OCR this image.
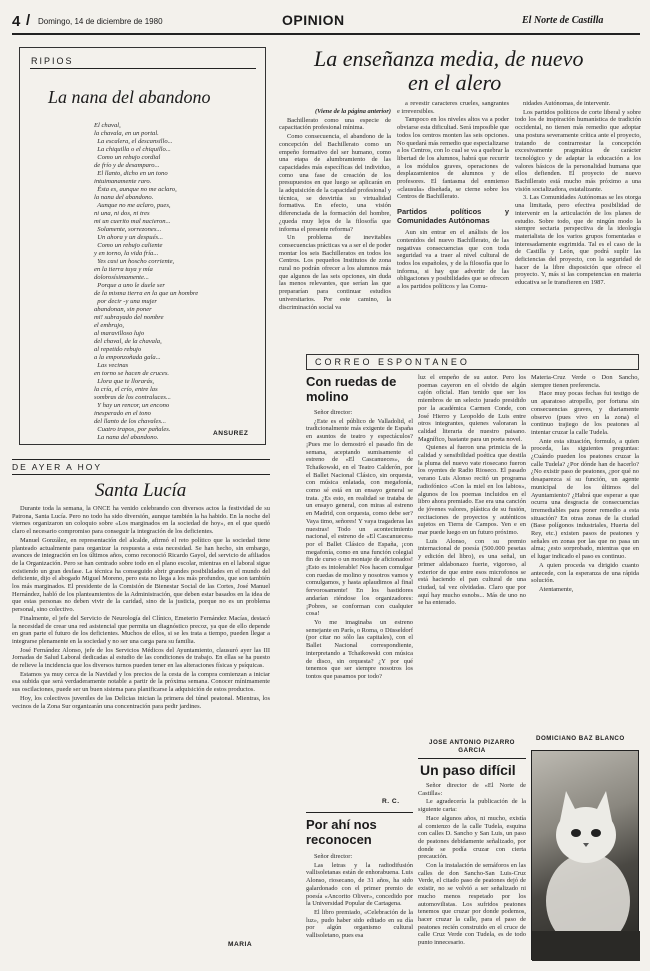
4 / Domingo, 14 de diciembre de 1980	OPINION	El Norte de Castilla
RIPIOS
La nana del abandono
El chaval,
la chavala, en un portal.
La escalera, el descansillo...
La chiquilla o el chiquillo...
Como un rebujo cordial
de frío y de desamparo...
El llanto, dicho en un tono
intuimanamente raro.
Ésta es, aunque no me aclaro,
la nana del abandono.
Aunque no me aclaro, pues,
ni una, ni dos, ni tres
mi un cuerito mal nacieron...
Solamente, sorrezones...
Un ahora y un después...
Como un rebujo caliente
y en torno, la vida fría...
Yes casi un hoscho corriente,
en la tierra tuya y mía
dolorosísimamente...
Porque a uno le duele ser
de la misma tierra en la que un hombre
por decir -y una mujer
abandonan, sin poner
mi! subrayado del nombre
el embrujo,
al maravilloso lujo
del chaval, de la chavala,
al repetido rebujo
a la emponzoñada gala...
Las vecinas
en torno se hacen de cruces.
Llora que te llorarás,
la cría, el crío, entre las
sombras de los contraluces...
Y hay un rencor, un encono
inesperado en el tono
del llanto de los chavales...
Cuatro trapos, por pañales.
La nana del abandono.
ANSUREZ
DE AYER A HOY
Santa Lucía

Durante toda la semana, la ONCE ha venido celebrando con diversos actos la festividad de su Patrona, Santa Lucía. Pero no todo ha sido diversión, aunque también la ha habido. En la noche del viernes organizaron un coloquio sobre «Los marginados en la sociedad de hoy», en el que quedó claro el necesario compromiso para conseguir la integración de los deficientes.

Manuel González, en representación del alcalde, afirmó el reto político que la sociedad tiene planteado actualmente para organizar la respuesta a esta necesidad. Se han hecho, sin embargo, avances de integración en los últimos años, como reconoció Ricardo Gayol, del servicio de afiliados de la Organización. Pero se han centrado sobre todo en el plano escolar, mientras en el laboral sigue existiendo un gran desfase. La técnica ha conseguido abrir grandes posibilidades en el mundo del deficiente, dijo el abogado Miguel Moreno, pero esta no llega a los más profundos, que son también los más marginados. El presidente de la Comisión de Bienestar Social de las Cortes, José Manuel Hernández, habló de los planteamientos de la Administración, que deben estar basados en la idea de que estas personas no deben vivir de la caridad, sino de la justicia, porque no es un problema personal, sino colectivo.

Finalmente, el jefe del Servicio de Neurología del Clínico, Emeterio Fernández Macías, destacó la necesidad de crear una red asistencial que permita un diagnóstico precoz, ya que de ello depende en gran parte el futuro de los deficientes. Muchos de ellos, si se les trata a tiempo, pueden llegar a integrarse plenamente en la sociedad y no ser una carga para su familia.

José Fernández Alonso, jefe de los Servicios Médicos del Ayuntamiento, clausuró ayer las III Jornadas de Salud Laboral dedicadas al estudio de las condiciones de trabajo. En ellas se ha puesto de relieve la incidencia que los diversos turnos pueden tener en las alteraciones físicas y psíquicas.

Estamos ya muy cerca de la Navidad y los precios de la cesta de la compra comienzan a iniciar esa subida que será verdaderamente notable a partir de la próxima semana. Conocer mínimamente sus oscilaciones, puede ser un buen sistema para planificarse la adquisición de estos productos.

Hoy, los colectivos juveniles de las Delicias inician la primera del túnel peatonal. Mientras, los vecinos de la Zona Sur organizarán una concentración para pedir jardines.

MARIA
La enseñanza media, de nuevo
en el alero

(Viene de la página anterior)

Bachillerato como una especie de capacitación profesional mínima.

Como consecuencia, el abandono de la concepción del Bachillerato como un empeño formativo del ser humano, como una etapa de alumbramiento de las capacidades más específicas del individuo, como una fase de creación de los presupuestos en que luego se aplicarán en la adquisición de la capacidad profesional y técnica, se desvirtúa su virtualidad formativa. En efecto, una visión diferenciada de la formación del hombre, ¿queda muy lejos de la filosofía que informa el presente reforma?

Un problema de inevitables consecuencias prácticas va a ser el de poder montar los seis Bachilleratos en todos los Centros. Los pequeños Institutos de zona rural no podrán ofrecer a los alumnos más que algunos de las seis opciones, sin duda las menos relevantes, que serían las que prepararían para continuar estudios universitarios. Por este camino, la discriminación social va

a revestir caracteres crueles, sangrantes e irreversibles.

Tampoco en los niveles altos va a poder obviarse esta dificultad. Será imposible que todos los centros monten las seis opciones. No quedará más remedio que especializarse a los Centros, con lo cual se va a quebrar la libertad de los alumnos, habrá que recurrir a los módulos graves, operaciones de desplazamientos de alumnos y de profesores. El fantasma del enmienso «clausula» diseñada, se cierne sobre los Centros de Bachillerato.

Partidos políticos y Comunidades Autónomas

Aun sin entrar en el análisis de los contenidos del nuevo Bachillerato, de las negativas consecuencias que con toda seguridad va a traer al nivel cultural de todos los españoles, y de la filosofía que lo informa, si hay que advertir de las obligaciones y posibilidades que se ofrecen a los partidos políticos y las Comu-

nidades Autónomas, de intervenir.

Los partidos políticos de corte liberal y sobre todo los de inspiración humanística de tradición occidental, no tienen más remedio que adoptar una postura severamente crítica ante el proyecto, tratando de contrarrestar la concepción excesivamente pragmática de carácter tecnológico y de adaptar la educación a los valores básicos de la personalidad humana que ellos defienden. El proyecto de nuevo Bachillerato está mucho más próximo a una visión socializadora, estatalizante.

3. Las Comunidades Autónomas se les otorga una limitada, pero efectiva posibilidad de intervenir en la articulación de los planes de estudio. Sobre todo, que de ningún modo la siempre sectaria perspectiva de la ideología materialista de los varios grupos fomentadas e interesadamente esgrimida. Tal es el caso de la de Castilla y León, que podrá suplir las deficiencias del proyecto, con la seguridad de hacer de la libre disposición que ofrece el proyecto. Y, más si las competencias en materia educativa se le transfieren en 1987.

CORREO ESPONTANEO
Con ruedas de molino

Señor director:

¿Este es el público de Valladolid, el tradicionalmente más exigente de España en asuntos de teatro y espectáculos? ¡Pues me lo demostró el pasado fin de semana, aceptando sumisamente el estreno de «El Cascanueces», de Tchaikowski, en el Teatro Calderón, por el Ballet Nacional Clásico, sin orquesta, con música enlatada, con megafonía, como sé está en un ensayo general se trata. ¿Es esto, en realidad se trataba de un ensayo general, con miras al estreno en Madrid, con orquesta, como debe ser? Vaya timo, señores! Y vaya tragaderas las nuestras! Todo un acontecimiento nacional, el estreno de «El Cascanueces» por el Ballet Clásico de España, ¡con megafonía, como en una función colegial fin de curso o un montaje de aficionados! ¡Esto es intolerable! Nos hacen comulgar con ruedas de molino y nosotros vamos y comulgamos, y hasta aplaudimos al final fervorosamente! En los bastidores andarían riéndose los organizadores: ¡Pobres, se conforman con cualquier cosa!

Yo me imaginaba un estreno semejante en París, o Roma, o Düsseldorf (por citar no sólo las capitales), con el Ballet Nacional correspondiente, interpretando a Tchaikowski con música de disco, sin orquesta? ¿Y por qué tenemos que ser siempre nosotros los tontos que pasamos por todo?

R. C.
Por ahí nos reconocen

Señor director:

Las letras y la radiodifusión vallisoletanas están de enhorabuena. Luis Alonso, riosecano, de 31 años, ha sido galardonado con el primer premio de poesía «Ancorito Oliver», concedido por la Universidad Popular de Cartagena.

El libro premiado, «Celebración de la luz», pudo haber sido editado en su día por algún organismo cultural vallisoletano, pues esa

luz el empeño de su autor. Pero los poemas cayeron en el olvido de algún cajón oficial. Han tenido que ser los miembros de un selecto jurado presidido por la académica Carmen Conde, con José Hierro y Leopoldo de Luis entre otros integrantes, quienes valoraran la calidad literaria de nuestro paisano. Magnífico, bastante para un poeta novel.

Quienes al fueron una primicia de la calidad y sensibilidad poética que destila la pluma del nuevo vate riosecano fueron los oyentes de Radio Rioseco. El pasado verano Luis Alonso recitó un programa radiofónico «Con la miel en los labios», algunos de los poemas incluidos en el libro ahora premiado. Ese era una canción de jóvenes valores, plástica de su fusión, recitaciones de proyectos y auténticos sujetos en Tierra de Campos. Yen e en mar puede luego en un futuro próximo.

Luis Alonso, con su premio internacional de poesía (500.000 pesetas y edición del libro), es una señal, un primer aldabonazo fuerte, vigoroso, al exterior de que entre esos microfonos se está haciendo el pan cultural de una ciudad, tal vez olvidadas. Claro que por aquí hay mucho esnobs... Más de uno no se ha enterado.

JOSE ANTONIO PIZARRO GARCIA
Un paso difícil

Señor director de «El Norte de Castilla»:

Le agradecería la publicación de la siguiente carta:

Hace algunos años, ni mucho, existía al comienzo de la calle Tudela, esquina con calles D. Sancho y San Luis, un paso de peatones debidamente señalizado, por donde se podía cruzar con cierta precaución.

Con la instalación de semáforos en las calles de don Sancho-San Luis-Cruz Verde, el citado paso de peatones dejó de existir, no se volvió a ser señalizado ni mucho menos respetado por los automovilistas. Los sufridos peatones tenemos que cruzar por donde podemos, hacer cruzar la calle, para el paso de peatones recién construido en el cruce de calle Cruz Verde con Tudela, es de todo punto innecesario.

Materia-Cruz Verde o Don Sancho, siempre tienen preferencia.

Hace muy pocas fechas fui testigo de un aparatoso atropello, por fortuna sin consecuencias graves, y diariamente observo (pues vivo en la zona) el continuo trajiego de los peatones al intentar cruzar la calle Tudela.

Ante esta situación, formulo, a quien proceda, las siguientes preguntas: ¿Cuándo pueden los peatones cruzar la calle Tudela? ¿Por dónde han de hacerlo? ¿No existir paso de peatones, ¿por qué no desaparezca sí su función, un agente municipal de los últimos del Ayuntamiento? ¿Habrá que esperar a que ocurra una desgracia de consecuencias irremediables para poner remedio a esta situación? En otras zonas de la ciudad (Base polígonos industriales, Huerta del Rey, etc.) existen pasos de peatones y señales en zonas por las que no pasa un alma; ¿esto sorprobado, mientras que en el lugar indicado el paso es continuo.

A quien proceda va dirigido cuanto antecede, con la esperanza de una rápida solución.

Atentamente,

DOMICIANO BAZ BLANCO
